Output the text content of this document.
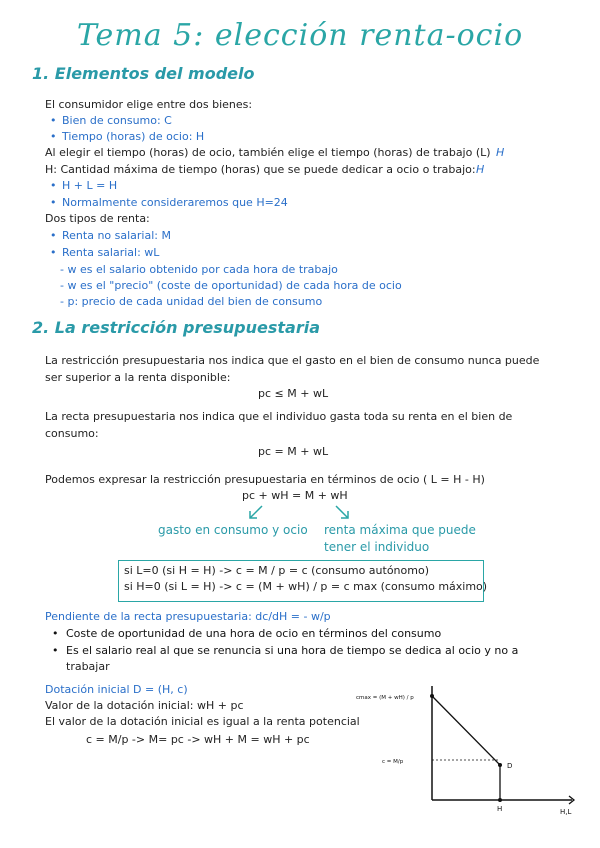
Tema 5: elección renta-ocio
1. Elementos del modelo
El consumidor elige entre dos bienes:
• Bien de consumo: C
• Tiempo (horas) de ocio: H
Al elegir el tiempo (horas) de ocio, también elige el tiempo (horas) de trabajo (L) H
H: Cantidad máxima de tiempo (horas) que se puede dedicar a ocio o trabajo: H
• H + L = H
• Normalmente consideraremos que H=24
Dos tipos de renta:
• Renta no salarial: M
• Renta salarial: wL
- w es el salario obtenido por cada hora de trabajo
- w es el "precio" (coste de oportunidad) de cada hora de ocio
- p: precio de cada unidad del bien de consumo
2. La restricción presupuestaria
La restricción presupuestaria nos indica que el gasto en el bien de consumo nunca puede
ser superior a la renta disponible:
pc ≤ M + wL
La recta presupuestaria nos indica que el individuo gasta toda su renta en el bien de
consumo:
pc = M + wL
Podemos expresar la restricción presupuestaria en términos de ocio ( L = H - H)
pc + wH = M + wH
gasto en consumo y ocio renta máxima que puede
tener el individuo
si L=0 (si H = H) -> c = M / p = c (consumo autónomo)
si H=0 (si L = H) -> c = (M + wH) / p = c max (consumo máximo)
Pendiente de la recta presupuestaria: dc/dH = - w/p
• Coste de oportunidad de una hora de ocio en términos del consumo
• Es el salario real al que se renuncia si una hora de tiempo se dedica al ocio y no a
trabajar
Dotación inicial D = (H, c)
Valor de la dotación inicial: wH + pc
El valor de la dotación inicial es igual a la renta potencial
c = M/p -> M= pc -> wH + M = wH + pc
cmax = (M + wH) / p
c = M/p	D
H	H,L
